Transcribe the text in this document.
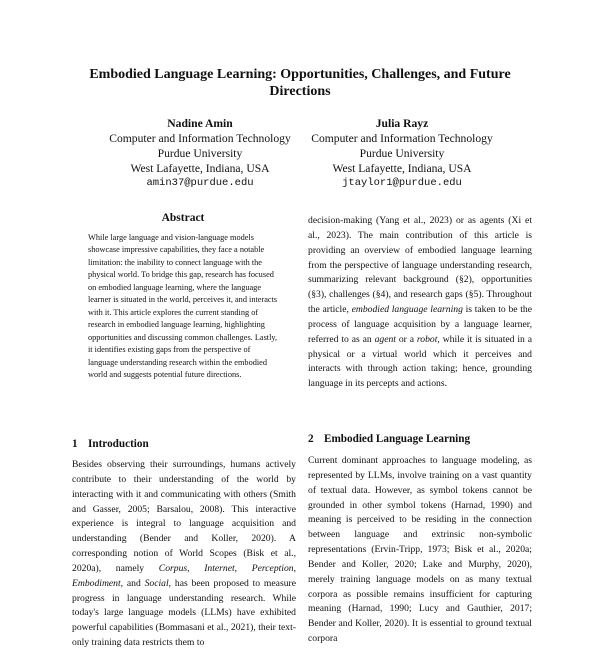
Embodied Language Learning: Opportunities, Challenges, and Future Directions
Nadine Amin
Computer and Information Technology
Purdue University
West Lafayette, Indiana, USA
amin37@purdue.edu
Julia Rayz
Computer and Information Technology
Purdue University
West Lafayette, Indiana, USA
jtaylor1@purdue.edu
Abstract
While large language and vision-language models showcase impressive capabilities, they face a notable limitation: the inability to connect language with the physical world. To bridge this gap, research has focused on embodied language learning, where the language learner is situated in the world, perceives it, and interacts with it. This article explores the current standing of research in embodied language learning, highlighting opportunities and discussing common challenges. Lastly, it identifies existing gaps from the perspective of language understanding research within the embodied world and suggests potential future directions.
1 Introduction
Besides observing their surroundings, humans actively contribute to their understanding of the world by interacting with it and communicating with others (Smith and Gasser, 2005; Barsalou, 2008). This interactive experience is integral to language acquisition and understanding (Bender and Koller, 2020). A corresponding notion of World Scopes (Bisk et al., 2020a), namely Corpus, Internet, Perception, Embodiment, and Social, has been proposed to measure progress in language understanding research. While today's large language models (LLMs) have exhibited powerful capabilities (Bommasani et al., 2021), their text-only training data restricts them to
decision-making (Yang et al., 2023) or as agents (Xi et al., 2023). The main contribution of this article is providing an overview of embodied language learning from the perspective of language understanding research, summarizing relevant background (§2), opportunities (§3), challenges (§4), and research gaps (§5). Throughout the article, embodied language learning is taken to be the process of language acquisition by a language learner, referred to as an agent or a robot, while it is situated in a physical or a virtual world which it perceives and interacts with through action taking; hence, grounding language in its percepts and actions.
2 Embodied Language Learning
Current dominant approaches to language modeling, as represented by LLMs, involve training on a vast quantity of textual data. However, as symbol tokens cannot be grounded in other symbol tokens (Harnad, 1990) and meaning is perceived to be residing in the connection between language and extrinsic non-symbolic representations (Ervin-Tripp, 1973; Bisk et al., 2020a; Bender and Koller, 2020; Lake and Murphy, 2020), merely training language models on as many textual corpora as possible remains insufficient for capturing meaning (Harnad, 1990; Lucy and Gauthier, 2017; Bender and Koller, 2020). It is essential to ground textual corpora
